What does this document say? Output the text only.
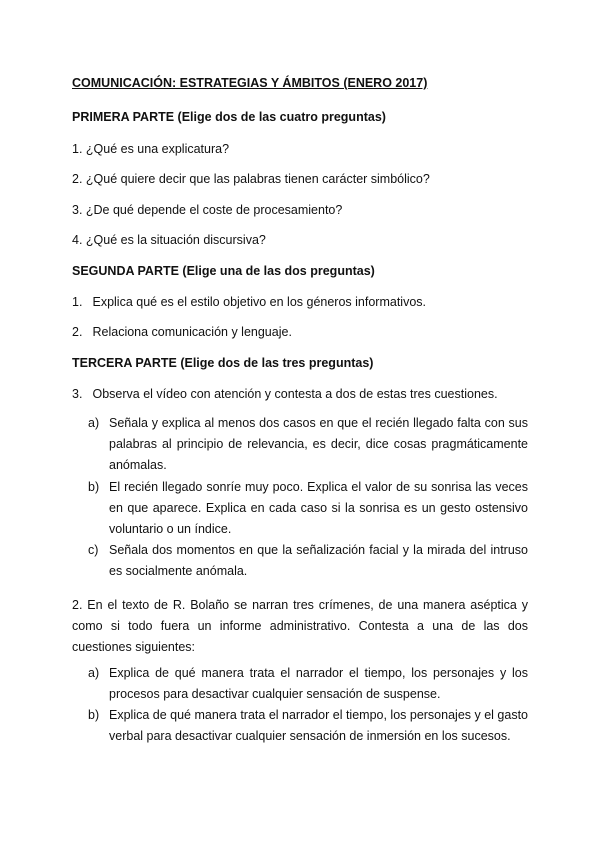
COMUNICACIÓN: ESTRATEGIAS Y ÁMBITOS (ENERO 2017)
PRIMERA PARTE (Elige dos de las cuatro preguntas)
1. ¿Qué es una explicatura?
2. ¿Qué quiere decir que las palabras tienen carácter simbólico?
3. ¿De qué depende el coste de procesamiento?
4. ¿Qué es la situación discursiva?
SEGUNDA PARTE (Elige una de las dos preguntas)
1. Explica qué es el estilo objetivo en los géneros informativos.
2. Relaciona comunicación y lenguaje.
TERCERA PARTE (Elige dos de las tres preguntas)
3. Observa el vídeo con atención y contesta a dos de estas tres cuestiones.
a) Señala y explica al menos dos casos en que el recién llegado falta con sus palabras al principio de relevancia, es decir, dice cosas pragmáticamente anómalas.
b) El recién llegado sonríe muy poco. Explica el valor de su sonrisa las veces en que aparece. Explica en cada caso si la sonrisa es un gesto ostensivo voluntario o un índice.
c) Señala dos momentos en que la señalización facial y la mirada del intruso es socialmente anómala.
2. En el texto de R. Bolaño se narran tres crímenes, de una manera aséptica y como si todo fuera un informe administrativo. Contesta a una de las dos cuestiones siguientes:
a) Explica de qué manera trata el narrador el tiempo, los personajes y los procesos para desactivar cualquier sensación de suspense.
b) Explica de qué manera trata el narrador el tiempo, los personajes y el gasto verbal para desactivar cualquier sensación de inmersión en los sucesos.
